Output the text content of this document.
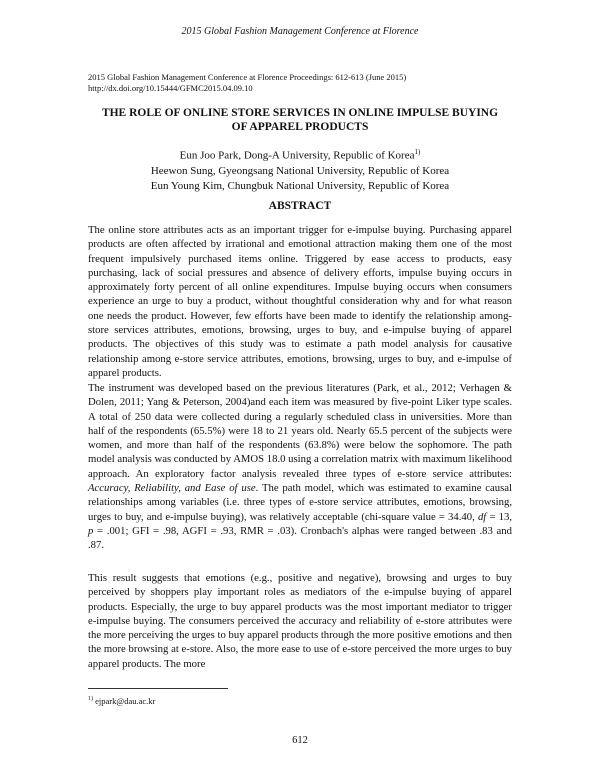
2015 Global Fashion Management Conference at Florence
2015 Global Fashion Management Conference at Florence Proceedings: 612-613 (June 2015)
http://dx.doi.org/10.15444/GFMC2015.04.09.10
THE ROLE OF ONLINE STORE SERVICES IN ONLINE IMPULSE BUYING
OF APPAREL PRODUCTS
Eun Joo Park, Dong-A University, Republic of Korea$^{1)}$
Heewon Sung, Gyeongsang National University, Republic of Korea
Eun Young Kim, Chungbuk National University, Republic of Korea
ABSTRACT
The online store attributes acts as an important trigger for e-impulse buying. Purchasing apparel products are often affected by irrational and emotional attraction making them one of the most frequent impulsively purchased items online. Triggered by ease access to products, easy purchasing, lack of social pressures and absence of delivery efforts, impulse buying occurs in approximately forty percent of all online expenditures. Impulse buying occurs when consumers experience an urge to buy a product, without thoughtful consideration why and for what reason one needs the product. However, few efforts have been made to identify the relationship among-store services attributes, emotions, browsing, urges to buy, and e-impulse buying of apparel products. The objectives of this study was to estimate a path model analysis for causative relationship among e-store service attributes, emotions, browsing, urges to buy, and e-impulse of apparel products.
The instrument was developed based on the previous literatures (Park, et al., 2012; Verhagen & Dolen, 2011; Yang & Peterson, 2004)and each item was measured by five-point Liker type scales. A total of 250 data were collected during a regularly scheduled class in universities. More than half of the respondents (65.5%) were 18 to 21 years old. Nearly 65.5 percent of the subjects were women, and more than half of the respondents (63.8%) were below the sophomore. The path model analysis was conducted by AMOS 18.0 using a correlation matrix with maximum likelihood approach. An exploratory factor analysis revealed three types of e-store service attributes: Accuracy, Reliability, and Ease of use. The path model, which was estimated to examine causal relationships among variables (i.e. three types of e-store service attributes, emotions, browsing, urges to buy, and e-impulse buying), was relatively acceptable (chi-square value = 34.40, df = 13, p = .001; GFI = .98, AGFI = .93, RMR = .03). Cronbach's alphas were ranged between .83 and .87.
This result suggests that emotions (e.g., positive and negative), browsing and urges to buy perceived by shoppers play important roles as mediators of the e-impulse buying of apparel products. Especially, the urge to buy apparel products was the most important mediator to trigger e-impulse buying. The consumers perceived the accuracy and reliability of e-store attributes were the more perceiving the urges to buy apparel products through the more positive emotions and then the more browsing at e-store. Also, the more ease to use of e-store perceived the more urges to buy apparel products. The more
$^{1)}$ ejpark@dau.ac.kr
612
